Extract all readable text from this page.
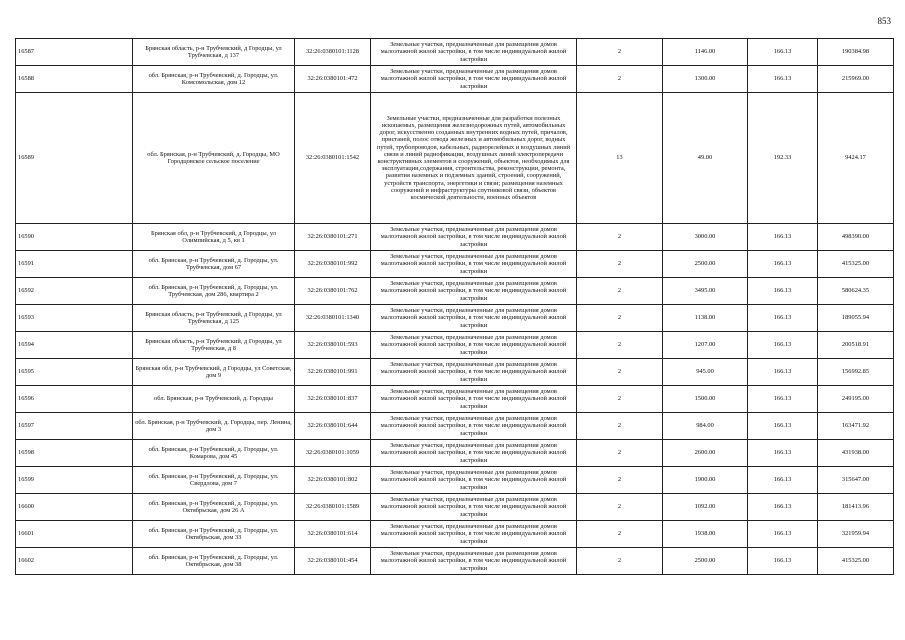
853
16587	Брянская область, р-н Трубчевский, д Городцы, ул Трубчевская, д 137	32:26:0380101:1128	Земельные участки, предназначенные для размещения домов малоэтажной жилой застройки, в том числе индивидуальной жилой застройки	2	1146.00	166.13	190384.98
16588	обл. Брянская, р-н Трубчевский, д. Городцы, ул. Комсомольская, дом 12	32:26:0380101:472	Земельные участки, предназначенные для размещения домов малоэтажной жилой застройки, в том числе индивидуальной жилой застройки	2	1300.00	166.13	215969.00
16589	обл. Брянская, р-н Трубчевский, д. Городцы, МО Городцовское сельское поселение	32:26:0380101:1542	Земельные участки, предназначенные для разработки полезных ископаемых, размещения железнодорожных путей, автомобильных дорог, искусственно созданных внутренних водных путей, причалов, пристаней, полос отвода железных и автомобильных дорог, водных путей, трубопроводов, кабельных, радиорелейных и воздушных линий связи и линий радиофикации, воздушных линий электропередачи конструктивных элементов и сооружений, объектов, необходимых для эксплуатации,содержания, строительства, реконструкции, ремонта, развития наземных и подземных зданий, строений, сооружений, устройств транспорта, энергетики и связи; размещения наземных сооружений и инфраструктуры спутниковой связи, объектов космической деятельности, военных объектов	13	49.00	192.33	9424.17
16590	Брянская обл, р-н Трубчевский, д Городцы, ул Олимпийская, д 5, кв 1	32:26:0380101:271	Земельные участки, предназначенные для размещения домов малоэтажной жилой застройки, в том числе индивидуальной жилой застройки	2	3000.00	166.13	498390.00
16591	обл. Брянская, р-н Трубчевский, д. Городцы, ул. Трубчевская, дом 67	32:26:0380101:992	Земельные участки, предназначенные для размещения домов малоэтажной жилой застройки, в том числе индивидуальной жилой застройки	2	2500.00	166.13	415325.00
16592	обл. Брянская, р-н Трубчевский, д. Городцы, ул. Трубчевская, дом 286, квартира 2	32:26:0380101:762	Земельные участки, предназначенные для размещения домов малоэтажной жилой застройки, в том числе индивидуальной жилой застройки	2	3495.00	166.13	580624.35
16593	Брянская область, р-н Трубчевский, д Городцы, ул Трубчевская, д 125	32:26:0380101:1340	Земельные участки, предназначенные для размещения домов малоэтажной жилой застройки, в том числе индивидуальной жилой застройки	2	1138.00	166.13	189055.94
16594	Брянская область, р-н Трубчевский, д Городцы, ул Трубчевская, д 8	32:26:0380101:593	Земельные участки, предназначенные для размещения домов малоэтажной жилой застройки, в том числе индивидуальной жилой застройки	2	1207.00	166.13	200518.91
16595	Брянская обл, р-н Трубчевский, д Городцы, ул Советская, дом 9	32:26:0380101:991	Земельные участки, предназначенные для размещения домов малоэтажной жилой застройки, в том числе индивидуальной жилой застройки	2	945.00	166.13	156992.85
16596	обл. Брянская, р-н Трубчевский, д. Городцы	32:26:0380101:837	Земельные участки, предназначенные для размещения домов малоэтажной жилой застройки, в том числе индивидуальной жилой застройки	2	1500.00	166.13	249195.00
16597	обл. Брянская, р-н Трубчевский, д. Городцы, пер. Ленина, дом 3	32:26:0380101:644	Земельные участки, предназначенные для размещения домов малоэтажной жилой застройки, в том числе индивидуальной жилой застройки	2	984.00	166.13	163471.92
16598	обл. Брянская, р-н Трубчевский, д. Городцы, ул. Комарова, дом 45	32:26:0380101:1059	Земельные участки, предназначенные для размещения домов малоэтажной жилой застройки, в том числе индивидуальной жилой застройки	2	2600.00	166.13	431938.00
16599	обл. Брянская, р-н Трубчевский, д. Городцы, ул. Свердлова, дом 7	32:26:0380101:802	Земельные участки, предназначенные для размещения домов малоэтажной жилой застройки, в том числе индивидуальной жилой застройки	2	1900.00	166.13	315647.00
16600	обл. Брянская, р-н Трубчевский, д. Городцы, ул. Октябрьская, дом 26 А	32:26:0380101:1589	Земельные участки, предназначенные для размещения домов малоэтажной жилой застройки, в том числе индивидуальной жилой застройки	2	1092.00	166.13	181413.96
16601	обл. Брянская, р-н Трубчевский, д. Городцы, ул. Октябрьская, дом 33	32:26:0380101:614	Земельные участки, предназначенные для размещения домов малоэтажной жилой застройки, в том числе индивидуальной жилой застройки	2	1938.00	166.13	321959.94
16602	обл. Брянская, р-н Трубчевский, д. Городцы, ул. Октябрьская, дом 38	32:26:0380101:454	Земельные участки, предназначенные для размещения домов малоэтажной жилой застройки, в том числе индивидуальной жилой застройки	2	2500.00	166.13	415325.00
